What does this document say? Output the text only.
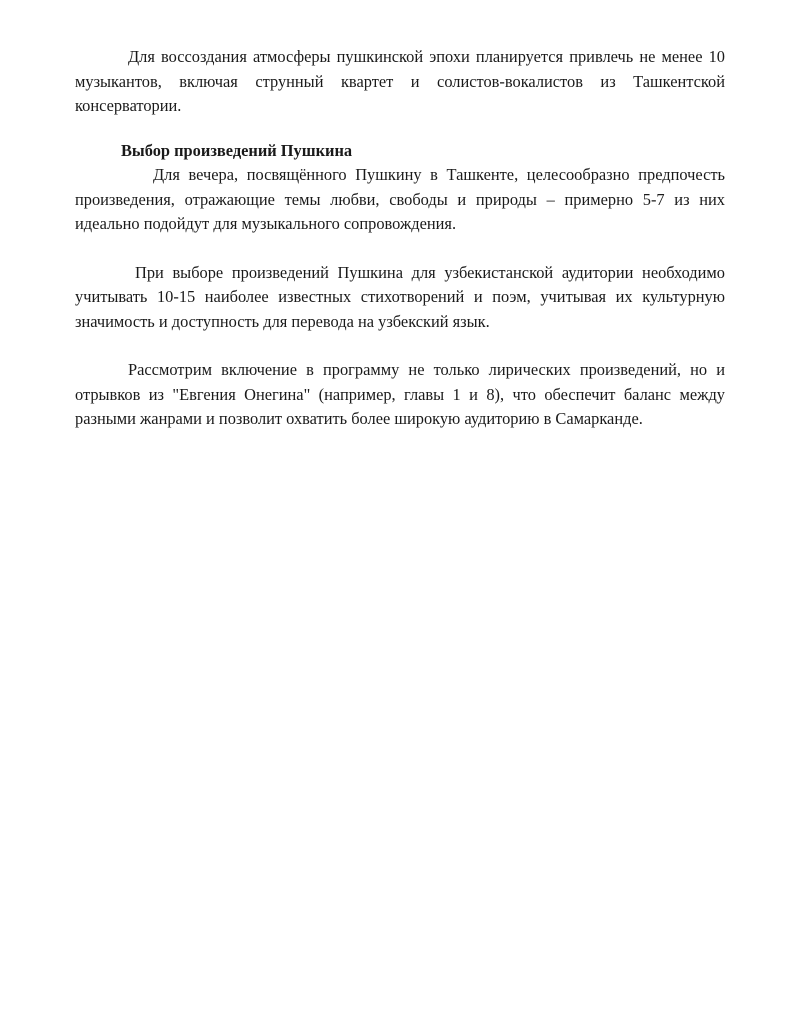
Для воссоздания атмосферы пушкинской эпохи планируется привлечь не менее 10 музыкантов, включая струнный квартет и солистов-вокалистов из Ташкентской консерватории.

Выбор произведений Пушкина

Для вечера, посвящённого Пушкину в Ташкенте, целесообразно предпочесть произведения, отражающие темы любви, свободы и природы – примерно 5-7 из них идеально подойдут для музыкального сопровождения.

При выборе произведений Пушкина для узбекистанской аудитории необходимо учитывать 10-15 наиболее известных стихотворений и поэм, учитывая их культурную значимость и доступность для перевода на узбекский язык.

Рассмотрим включение в программу не только лирических произведений, но и отрывков из "Евгения Онегина" (например, главы 1 и 8), что обеспечит баланс между разными жанрами и позволит охватить более широкую аудиторию в Самарканде.
